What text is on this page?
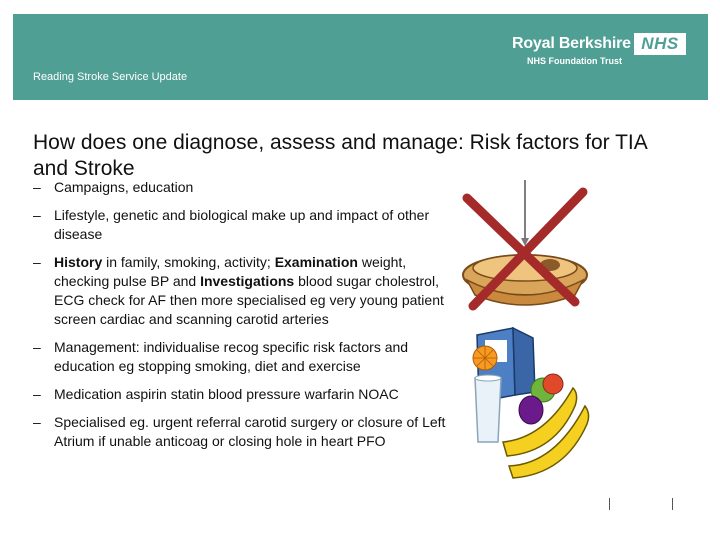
Reading Stroke Service Update
Royal Berkshire NHS
NHS Foundation Trust
How does one diagnose, assess and manage: Risk factors for TIA and Stroke
– Campaigns, education
– Lifestyle, genetic and biological make up and impact of other disease
– History in family, smoking, activity; Examination weight, checking pulse BP and Investigations blood sugar cholestrol, ECG check for AF then more specialised eg very young patient screen cardiac and scanning carotid arteries
– Management: individualise recog specific risk factors and education eg stopping smoking, diet and exercise
– Medication aspirin statin blood pressure warfarin NOAC
– Specialised eg. urgent referral carotid surgery or closure of Left Atrium if unable anticoag or closing hole in heart PFO
